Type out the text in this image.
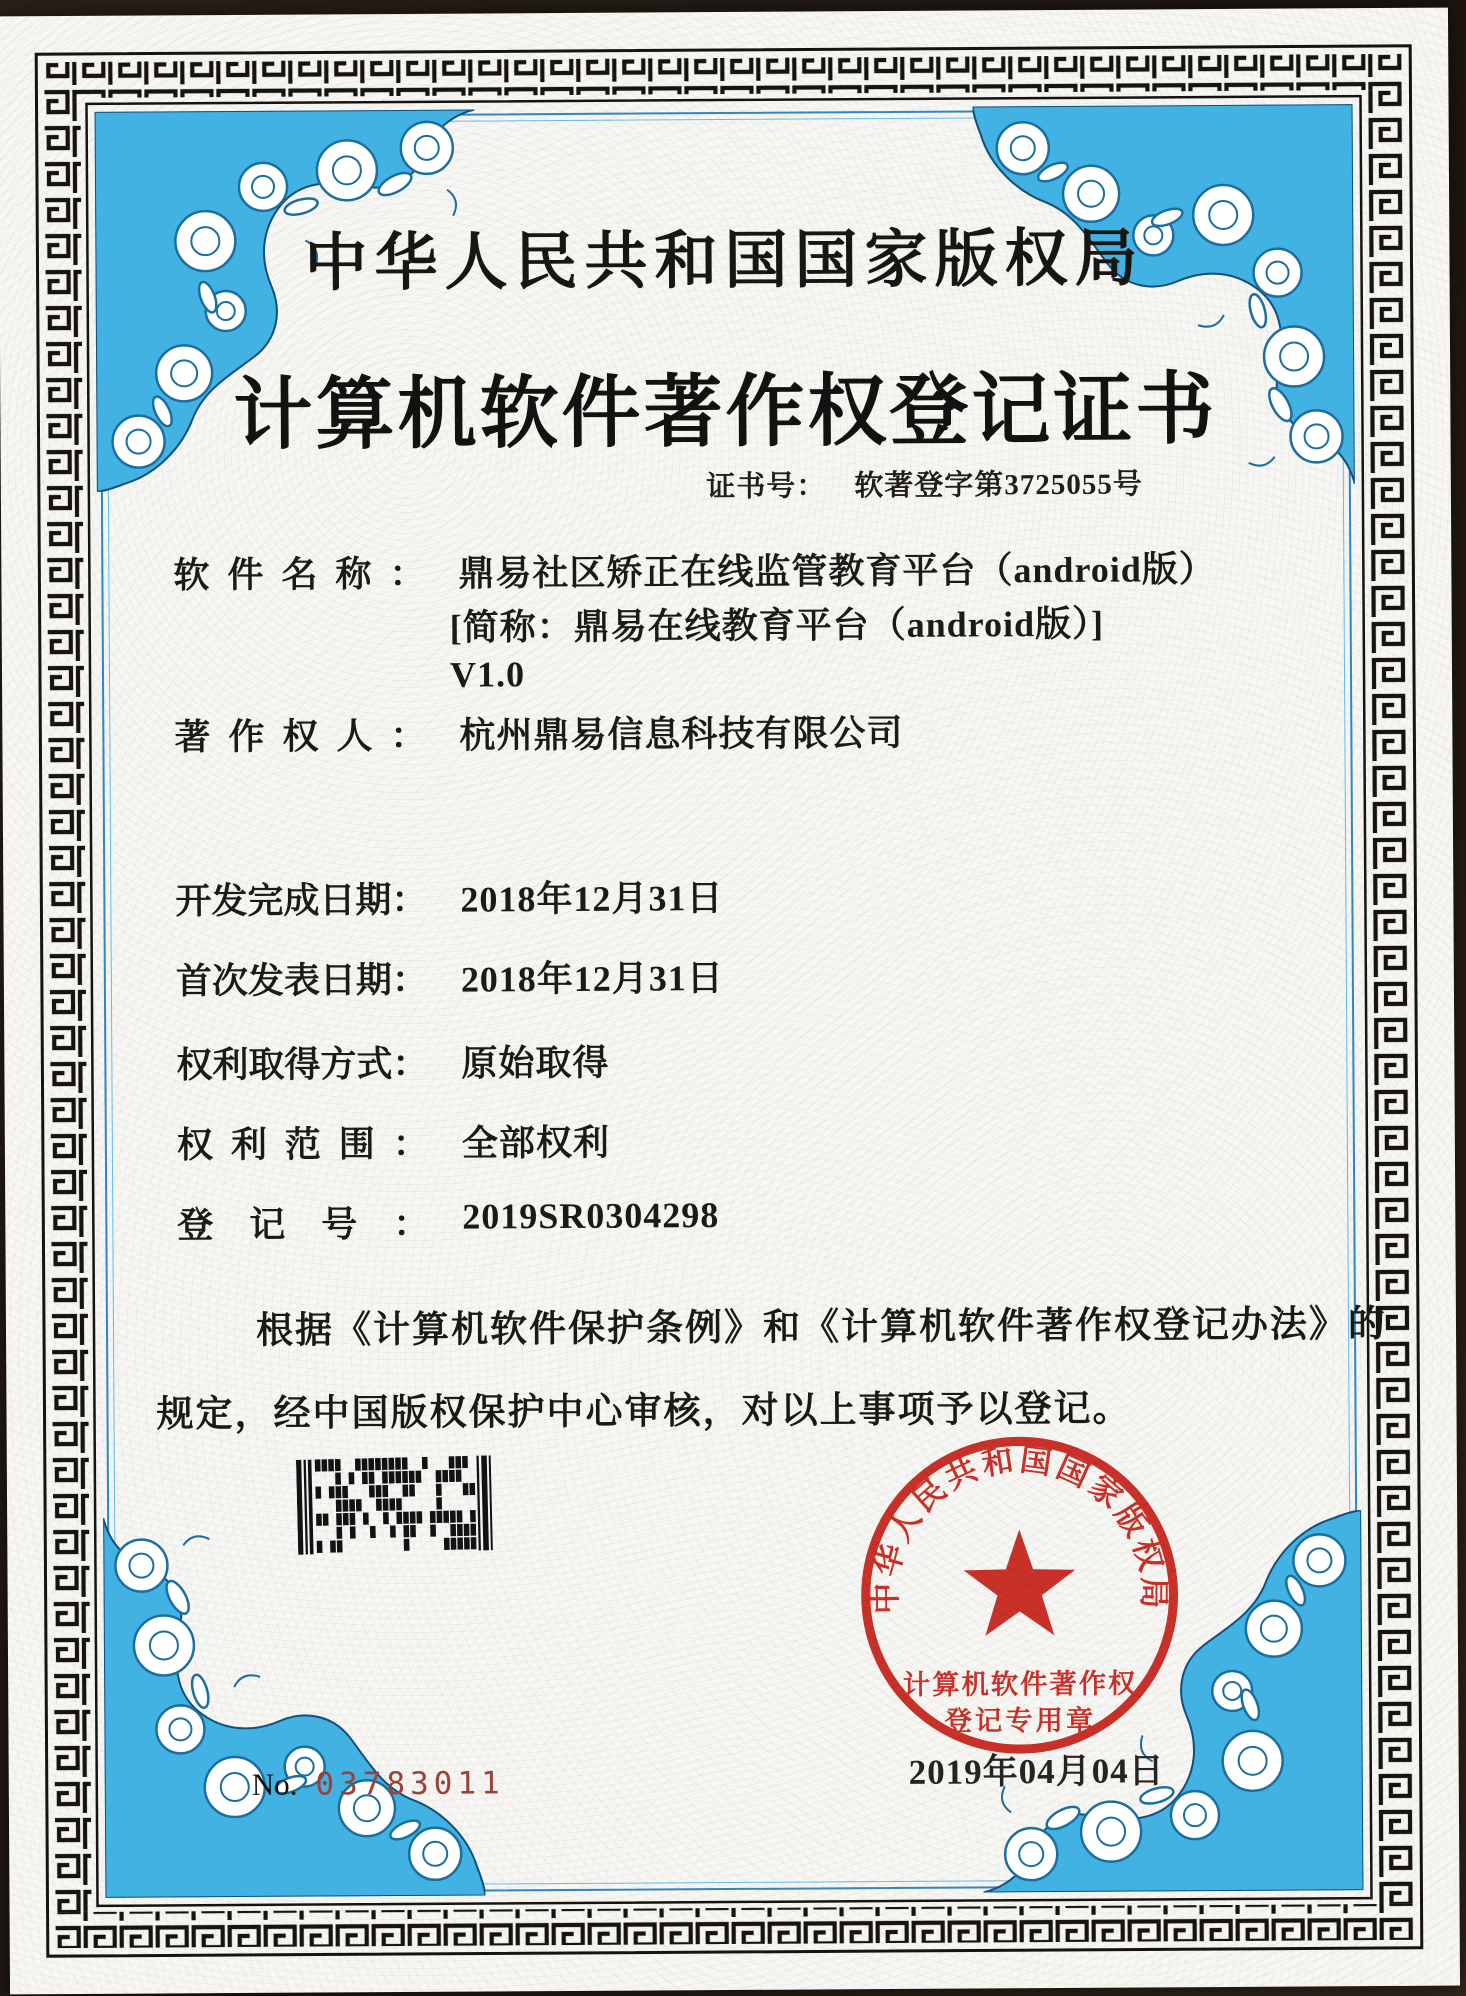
中华人民共和国国家版权局
计算机软件著作权登记证书
证书号： 软著登字第3725055号
软件名称： 鼎易社区矫正在线监管教育平台（android版）
[简称：鼎易在线教育平台（android版）]
V1.0
著作权人： 杭州鼎易信息科技有限公司
开发完成日期： 2018年12月31日
首次发表日期： 2018年12月31日
权利取得方式： 原始取得
权利范围： 全部权利
登记号： 2019SR0304298
根据《计算机软件保护条例》和《计算机软件著作权登记办法》的
规定，经中国版权保护中心审核，对以上事项予以登记。
2019年04月04日
中华人民共和国国家版权局
计算机软件著作权
登记专用章
No. 03783011
